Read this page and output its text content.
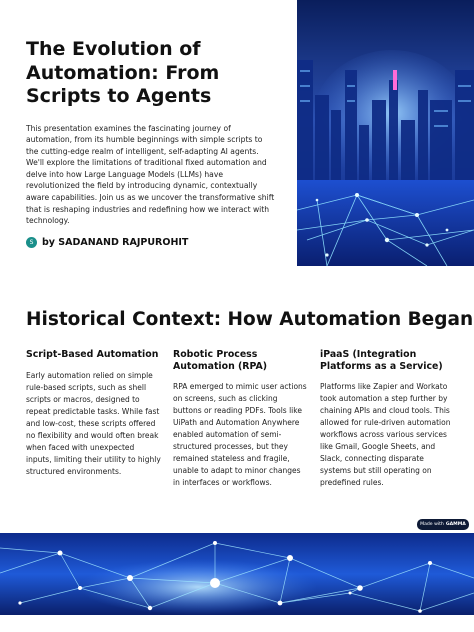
The Evolution of Automation: From Scripts to Agents

This presentation examines the fascinating journey of automation, from its humble beginnings with simple scripts to the cutting-edge realm of intelligent, self-adapting AI agents. We'll explore the limitations of traditional fixed automation and delve into how Large Language Models (LLMs) have revolutionized the field by introducing dynamic, contextually aware capabilities. Join us as we uncover the transformative shift that is reshaping industries and redefining how we interact with technology.

S by SADANAND RAJPUROHIT
Historical Context: How Automation Began
Script-Based Automation

Early automation relied on simple rule-based scripts, such as shell scripts or macros, designed to repeat predictable tasks. While fast and low-cost, these scripts offered no flexibility and would often break when faced with unexpected inputs, limiting their utility to highly structured environments.

Robotic Process Automation (RPA)

RPA emerged to mimic user actions on screens, such as clicking buttons or reading PDFs. Tools like UiPath and Automation Anywhere enabled automation of semi-structured processes, but they remained stateless and fragile, unable to adapt to minor changes in interfaces or workflows.

iPaaS (Integration Platforms as a Service)

Platforms like Zapier and Workato took automation a step further by chaining APIs and cloud tools. This allowed for rule-driven automation workflows across various services like Gmail, Google Sheets, and Slack, connecting disparate systems but still operating on predefined rules.

Made with GAMMA
